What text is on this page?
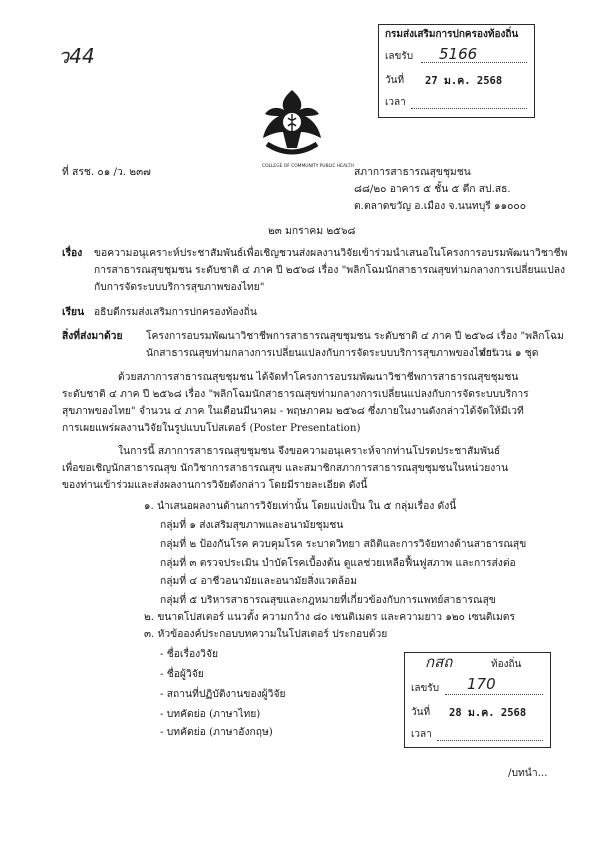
ว44
กรมส่งเสริมการปกครองท้องถิ่น
เลขรับ 5166
วันที่ 27 ม.ค. 2568
เวลา
COLLEGE OF COMMUNITY PUBLIC HEALTH
ที่ สรช. ๐๑ /ว. ๒๓๗	สภาการสาธารณสุขชุมชน
๘๘/๒๐ อาคาร ๕ ชั้น ๕ ตึก สป.สธ.
ต.ตลาดขวัญ อ.เมือง จ.นนทบุรี ๑๑๐๐๐
๒๓ มกราคม ๒๕๖๘
เรื่อง ขอความอนุเคราะห์ประชาสัมพันธ์เพื่อเชิญชวนส่งผลงานวิจัยเข้าร่วมนำเสนอในโครงการอบรมพัฒนาวิชาชีพ
การสาธารณสุขชุมชน ระดับชาติ ๔ ภาค ปี ๒๕๖๘ เรื่อง "พลิกโฉมนักสาธารณสุขท่ามกลางการเปลี่ยนแปลง
กับการจัดระบบบริการสุขภาพของไทย"
เรียน อธิบดีกรมส่งเสริมการปกครองท้องถิ่น
สิ่งที่ส่งมาด้วย โครงการอบรมพัฒนาวิชาชีพการสาธารณสุขชุมชน ระดับชาติ ๔ ภาค ปี ๒๕๖๘ เรื่อง "พลิกโฉม
นักสาธารณสุขท่ามกลางการเปลี่ยนแปลงกับการจัดระบบบริการสุขภาพของไทย"
จำนวน ๑ ชุด
ด้วยสภาการสาธารณสุขชุมชน ได้จัดทำโครงการอบรมพัฒนาวิชาชีพการสาธารณสุขชุมชน
ระดับชาติ ๔ ภาค ปี ๒๕๖๘ เรื่อง "พลิกโฉมนักสาธารณสุขท่ามกลางการเปลี่ยนแปลงกับการจัดระบบบริการ
สุขภาพของไทย" จำนวน ๔ ภาค ในเดือนมีนาคม - พฤษภาคม ๒๕๖๘ ซึ่งภายในงานดังกล่าวได้จัดให้มีเวที
การเผยแพร่ผลงานวิจัยในรูปแบบโปสเตอร์ (Poster Presentation)
ในการนี้ สภาการสาธารณสุขชุมชน จึงขอความอนุเคราะห์จากท่านโปรดประชาสัมพันธ์
เพื่อขอเชิญนักสาธารณสุข นักวิชาการสาธารณสุข และสมาชิกสภาการสาธารณสุขชุมชนในหน่วยงาน
ของท่านเข้าร่วมและส่งผลงานการวิจัยดังกล่าว โดยมีรายละเอียด ดังนี้
๑. นำเสนอผลงานด้านการวิจัยเท่านั้น โดยแบ่งเป็น ใน ๕ กลุ่มเรื่อง ดังนี้
กลุ่มที่ ๑ ส่งเสริมสุขภาพและอนามัยชุมชน
กลุ่มที่ ๒ ป้องกันโรค ควบคุมโรค ระบาดวิทยา สถิติและการวิจัยทางด้านสาธารณสุข
กลุ่มที่ ๓ ตรวจประเมิน บำบัดโรคเบื้องต้น ดูแลช่วยเหลือฟื้นฟูสภาพ และการส่งต่อ
กลุ่มที่ ๔ อาชีวอนามัยและอนามัยสิ่งแวดล้อม
กลุ่มที่ ๕ บริหารสาธารณสุขและกฎหมายที่เกี่ยวข้องกับการแพทย์สาธารณสุข
๒. ขนาดโปสเตอร์ แนวตั้ง ความกว้าง ๘๐ เซนติเมตร และความยาว ๑๒๐ เซนติเมตร
๓. หัวข้อองค์ประกอบบทความในโปสเตอร์ ประกอบด้วย
- ชื่อเรื่องวิจัย
- ชื่อผู้วิจัย
- สถานที่ปฏิบัติงานของผู้วิจัย
- บทคัดย่อ (ภาษาไทย)
- บทคัดย่อ (ภาษาอังกฤษ)
กสถ	ท้องถิ่น
เลขรับ 170
วันที่ 28 ม.ค. 2568
เวลา
/บทนำ...
